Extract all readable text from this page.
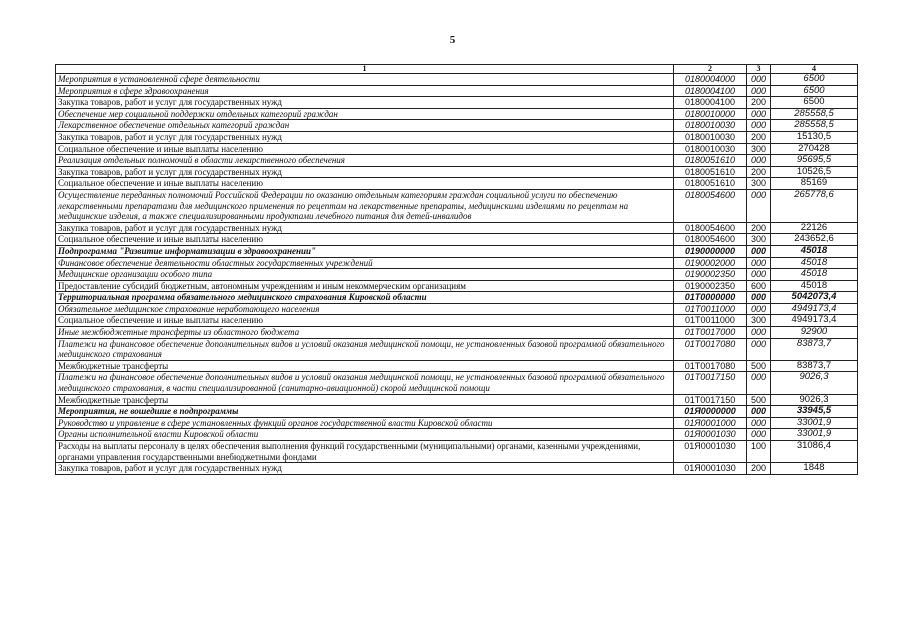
5
1	2	3	4
Мероприятия в установленной сфере деятельности	0180004000	000	6500
Мероприятия в сфере здравоохранения	0180004100	000	6500
Закупка товаров, работ и услуг для государственных нужд	0180004100	200	6500
Обеспечение мер социальной поддержки отдельных категорий граждан	0180010000	000	285558,5
Лекарственное обеспечение отдельных категорий граждан	0180010030	000	285558,5
Закупка товаров, работ и услуг для государственных нужд	0180010030	200	15130,5
Социальное обеспечение и иные выплаты населению	0180010030	300	270428
Реализация отдельных полномочий в области лекарственного обеспечения	0180051610	000	95695,5
Закупка товаров, работ и услуг для государственных нужд	0180051610	200	10526,5
Социальное обеспечение и иные выплаты населению	0180051610	300	85169
Осуществление переданных полномочий Российской Федерации по оказанию отдельным категориям граждан социальной услуги по обеспечению лекарственными препаратами для медицинского применения по рецептам на лекарственные препараты, медицинскими изделиями по рецептам на медицинские изделия, а также специализированными продуктами лечебного питания для детей-инвалидов	0180054600	000	265778,6
Закупка товаров, работ и услуг для государственных нужд	0180054600	200	22126
Социальное обеспечение и иные выплаты населению	0180054600	300	243652,6
Подпрограмма "Развитие информатизации в здравоохранении"	0190000000	000	45018
Финансовое обеспечение деятельности областных государственных учреждений	0190002000	000	45018
Медицинские организации особого типа	0190002350	000	45018
Предоставление субсидий бюджетным, автономным учреждениям и иным некоммерческим организациям	0190002350	600	45018
Территориальная программа обязательного медицинского страхования Кировской области	01Т0000000	000	5042073,4
Обязательное медицинское страхование неработающего населения	01Т0011000	000	4949173,4
Социальное обеспечение и иные выплаты населению	01Т0011000	300	4949173,4
Иные межбюджетные трансферты из областного бюджета	01Т0017000	000	92900
Платежи на финансовое обеспечение дополнительных видов и условий оказания медицинской помощи, не установленных базовой программой обязательного медицинского страхования	01Т0017080	000	83873,7
Межбюджетные трансферты	01Т0017080	500	83873,7
Платежи на финансовое обеспечение дополнительных видов и условий оказания медицинской помощи, не установленных базовой программой обязательного медицинского страхования, в части специализированной (санитарно-авиационной) скорой медицинской помощи	01Т0017150	000	9026,3
Межбюджетные трансферты	01Т0017150	500	9026,3
Мероприятия, не вошедшие в подпрограммы	01Я0000000	000	33945,5
Руководство и управление в сфере установленных функций органов государственной власти Кировской области	01Я0001000	000	33001,9
Органы исполнительной власти Кировской области	01Я0001030	000	33001,9
Расходы на выплаты персоналу в целях обеспечения выполнения функций государственными (муниципальными) органами, казенными учреждениями, органами управления государственными внебюджетными фондами	01Я0001030	100	31086,4
Закупка товаров, работ и услуг для государственных нужд	01Я0001030	200	1848
